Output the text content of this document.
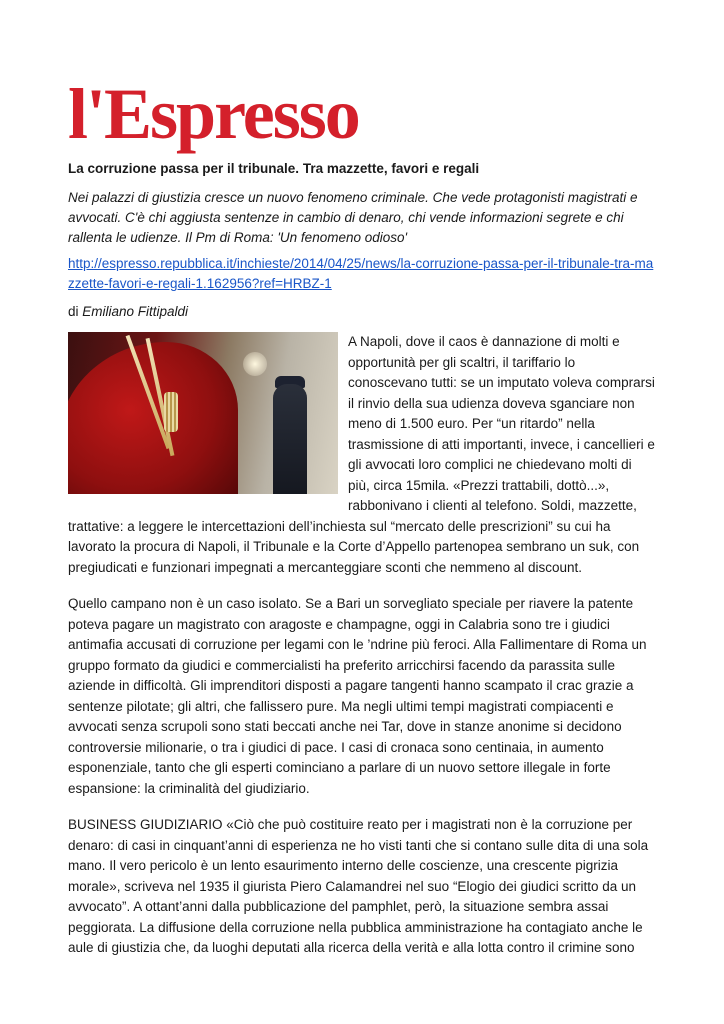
l'Espresso

La corruzione passa per il tribunale. Tra mazzette, favori e regali

Nei palazzi di giustizia cresce un nuovo fenomeno criminale. Che vede protagonisti magistrati e avvocati. C'è chi aggiusta sentenze in cambio di denaro, chi vende informazioni segrete e chi rallenta le udienze. Il Pm di Roma: 'Un fenomeno odioso'

http://espresso.repubblica.it/inchieste/2014/04/25/news/la-corruzione-passa-per-il-tribunale-tra-mazzette-favori-e-regali-1.162956?ref=HRBZ-1

di Emiliano Fittipaldi

A Napoli, dove il caos è dannazione di molti e opportunità per gli scaltri, il tariffario lo conoscevano tutti: se un imputato voleva comprarsi il rinvio della sua udienza doveva sganciare non meno di 1.500 euro. Per “un ritardo” nella trasmissione di atti importanti, invece, i cancellieri e gli avvocati loro complici ne chiedevano molti di più, circa 15mila. «Prezzi trattabili, dottò...», rabbonivano i clienti al telefono. Soldi, mazzette, trattative: a leggere le intercettazioni dell’inchiesta sul “mercato delle prescrizioni” su cui ha lavorato la procura di Napoli, il Tribunale e la Corte d’Appello partenopea sembrano un suk, con pregiudicati e funzionari impegnati a mercanteggiare sconti che nemmeno al discount.

Quello campano non è un caso isolato. Se a Bari un sorvegliato speciale per riavere la patente poteva pagare un magistrato con aragoste e champagne, oggi in Calabria sono tre i giudici antimafia accusati di corruzione per legami con le ’ndrine più feroci. Alla Fallimentare di Roma un gruppo formato da giudici e commercialisti ha preferito arricchirsi facendo da parassita sulle aziende in difficoltà. Gli imprenditori disposti a pagare tangenti hanno scampato il crac grazie a sentenze pilotate; gli altri, che fallissero pure. Ma negli ultimi tempi magistrati compiacenti e avvocati senza scrupoli sono stati beccati anche nei Tar, dove in stanze anonime si decidono controversie milionarie, o tra i giudici di pace. I casi di cronaca sono centinaia, in aumento esponenziale, tanto che gli esperti cominciano a parlare di un nuovo settore illegale in forte espansione: la criminalità del giudiziario.

BUSINESS GIUDIZIARIO «Ciò che può costituire reato per i magistrati non è la corruzione per denaro: di casi in cinquant’anni di esperienza ne ho visti tanti che si contano sulle dita di una sola mano. Il vero pericolo è un lento esaurimento interno delle coscienze, una crescente pigrizia morale», scriveva nel 1935 il giurista Piero Calamandrei nel suo “Elogio dei giudici scritto da un avvocato”. A ottant’anni dalla pubblicazione del pamphlet, però, la situazione sembra assai peggiorata. La diffusione della corruzione nella pubblica amministrazione ha contagiato anche le aule di giustizia che, da luoghi deputati alla ricerca della verità e alla lotta contro il crimine sono
